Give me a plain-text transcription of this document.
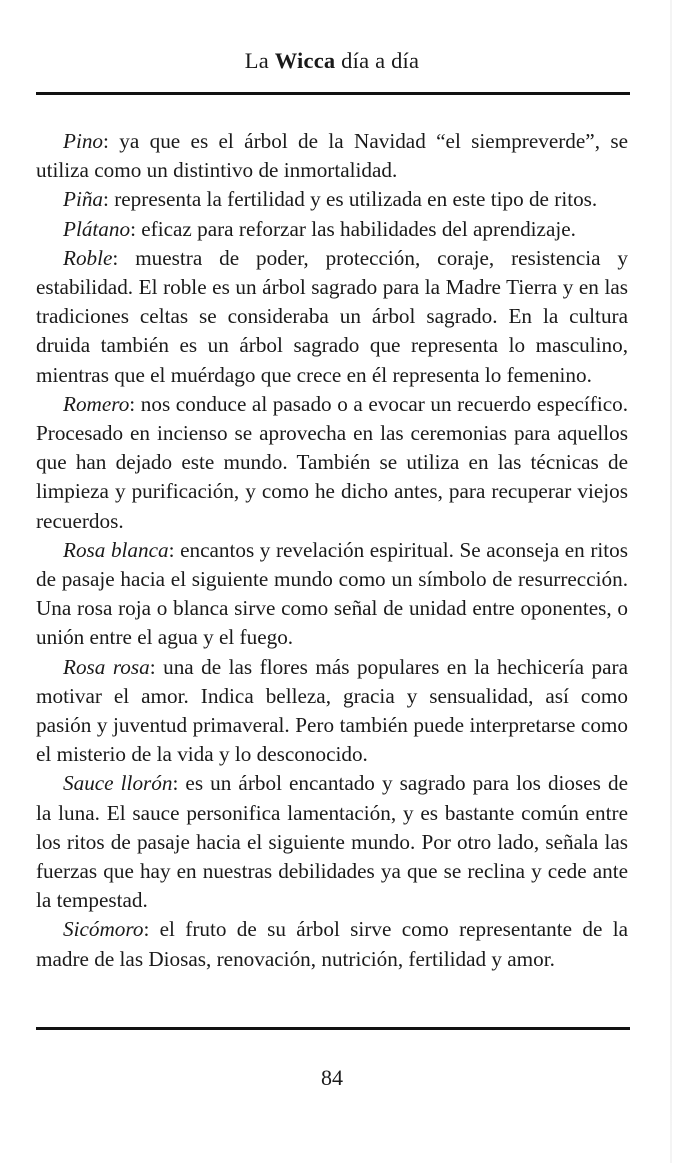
La Wicca día a día

Pino: ya que es el árbol de la Navidad “el siempreverde”, se utiliza como un distintivo de inmortalidad.

Piña: representa la fertilidad y es utilizada en este tipo de ritos.

Plátano: eficaz para reforzar las habilidades del aprendizaje.

Roble: muestra de poder, protección, coraje, resistencia y estabilidad. El roble es un árbol sagrado para la Madre Tierra y en las tradiciones celtas se consideraba un árbol sagrado. En la cultura druida también es un árbol sagrado que representa lo masculino, mientras que el muérdago que crece en él representa lo femenino.

Romero: nos conduce al pasado o a evocar un recuerdo específico. Procesado en incienso se aprovecha en las ceremonias para aquellos que han dejado este mundo. También se utiliza en las técnicas de limpieza y purificación, y como he dicho antes, para recuperar viejos recuerdos.

Rosa blanca: encantos y revelación espiritual. Se aconseja en ritos de pasaje hacia el siguiente mundo como un símbolo de resurrección. Una rosa roja o blanca sirve como señal de unidad entre oponentes, o unión entre el agua y el fuego.

Rosa rosa: una de las flores más populares en la hechicería para motivar el amor. Indica belleza, gracia y sensualidad, así como pasión y juventud primaveral. Pero también puede interpretarse como el misterio de la vida y lo desconocido.

Sauce llorón: es un árbol encantado y sagrado para los dioses de la luna. El sauce personifica lamentación, y es bastante común entre los ritos de pasaje hacia el siguiente mundo. Por otro lado, señala las fuerzas que hay en nuestras debilidades ya que se reclina y cede ante la tempestad.

Sicómoro: el fruto de su árbol sirve como representante de la madre de las Diosas, renovación, nutrición, fertilidad y amor.

84
